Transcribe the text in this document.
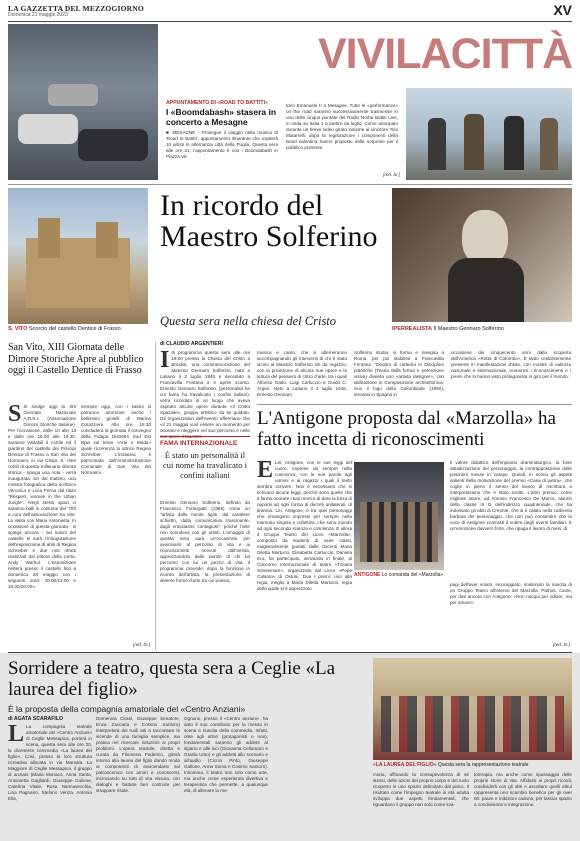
LA GAZZETTA DEL MEZZOGIORNO
Domenica 21 maggio 2023	XV
VIVILACITTÀ
APPUNTAMENTO DI «ROAD TO BATTITI»
I «Boomdabash» stasera in concerto a Mesagne
■ MESAGNE - Prosegue il viaggio nella musica di 'Road to Battiti', appuntamento itinerante che ospiterà 10 artisti in alternanza città della Puglia. Questa sera alle ore 21, l'appuntamento è con i Boomdabash in Piazza Vit-
torio Emanuele II a Mesagne. Tutte le «performance» on the road saranno successivamente trasmesse in una delle cinque puntate del Radio Norba Battiti Live, in onda su Italia 1 a partire da luglio. Come anticipato durante un breve video girato insieme al vincitore Toni Matarrelli, dopo la registrazione i componenti della Band salentina hanno proposto delle sorprese per il pubblico presente.
[red. br.]
S. VITO Scorcio del castello Dentice di Frasso
In ricordo del Maestro Solferino
Questa sera nella chiesa del Cristo
IPERREALISTA Il Maestro Gennaro Solferino
San Vito, XIII Giornata delle Dimore Storiche Apre al pubblico oggi il Castello Dentice di Frasso
S Si svolge oggi la XIII Giornata Nazionale A.D.S.I. (Associazione Dimore Storiche Italiane). Per l'occasione, dalle 10 alle 13 e dalle ore 15.00 alle 18.30, saranno visitabili il cortile ed il giardino del castello dei Principi Dentice di Frasso a San Vito dei Normanni, in via Crispi, 6. «Nei cortili di questa millenaria dimora storica - spiega una nota - verrà inaugurata, sin dal mattino, una mostra fotografica della scrittrice Veronica e Livia Ferria dal titolo "Respect, women in the Urban Jungle". Negli stessi spazi ci saranno balli in costume del '700 a cura dell'associazione Sa rete. La visita con Maria Antonietta. In occasione di questa giornata - si spiega ancora - nei saloni del castello si sarà l'inaugurazione dell'esposizione di abiti di Regina Schreiber e due noti ritratti realizzati dal pittore della porta, Andy Warhol. L'esposizione resterà presso il castello fino a domenica 28 maggio con i seguenti orari: 10.00/13.00 e 16.30/20.00».
Sempre oggi, con i saloni si potranno ammirare anche i bellissimi gioielli di Marina Corazziere. Alle ore 18.30 concluderà la giornata il convegno della Fidapa Distretto Sud Est Bpw sul tema «Arte e Moda» quale ricorrenza la attrice Regina Schreiber. L'iniziativa è patrocinata dall'Amministrazione Comunale di San Vito dei Normanni.
[red. br.]
di CLAUDIO ARGENTIERI
I In programma questa sera alle ore 19.00 presso la Chiesa del Cristo a Brindisi, una commemorazione del Maestro Gennaro Solferino, nato a Latiano il 3 luglio 1946 e deceduto a Francavilla Fontana il 4 aprile scorso. Ernesto Gennaro Solferino, (personalità ha cui fama ha travalicato i confini italiani), verrà ricordato in un luogo che aveva ospitato alcune opere durante «Il Cristo Spaziale», gruppo artistico da lui guidato. Gli organizzatori dell'evento affermano che «il 21 maggio vuol essere un momento per onorare e rileggere nel suo percorso e nelle sue opere il Maestro
FAMA INTERNAZIONALE
È stato un personalità il cui nome ha travalicato i confini italiani
Ernesto Gennaro Solferino, definito da Francesco Forlargatti (1969) come un "artista dalla mente agile, dal carattere schietto, dalla comunicativa trascinante, dagli entusiasmi contagiosi", poiché l'arte non scendeva con gli artisti. L'omaggio di questa sera sarà un'occasione per avvicinarsi al percorso di vita e ai riconoscimenti ricevuti dall'artista, apprezzandolo dalle parole di chi ha percorso con lui un pezzo di vita. Il programma prevede, dopo la funzione in ricordo dell'artista, la presentazione di diverse forme d'arte tra cui poesia,
musica e canto, che si alterneranno accompagnando gli interventi di chi è stato vicino al Maestro Solferino sin da ragazzo, con la proiezione di alcune sue opere e la lettura del pensiero di critici d'arte, tra i quali Alfonso Gatto, Luigi Carluccio e Guido C. Argan. Nato a Latiano il 3 luglio 1946, Ernesto Gennaro
Solferino studia, si forma e insegna a Roma, per poi stabilirsi a Francavilla Fontana. "Dedaro di cattedra in Discipline pittoriche (Teoria della forma e percezione visiva) diventa uno «artista designer», con abilitazione in Composizione architettonica. Suo il logo della Colombiade (1992), tenutasi in Spagna in
occasione dei cinquecento anni dalla scoperta dell'America «Rotta di Colombo». È stato costantemente presente in manifestazioni d'arte, con mostre di valenza nazionale e internazionale, numerosi i riconoscimenti e i premi che lo hanno visto protagonista in giro per il mondo.
L'Antigone proposta dal «Marzolla» ha fatto incetta di riconoscimenti
E Lei, Antigone, con le sue leggi del cuore, imprese da sempre nella coscienza, con le sue parole agli uomini e ai ragazzi i quali il testo sembra scrivere. Non è necessario che si scrivano alcune leggi, perché sono quelle che ti fanno onorare i tuoi morti e di dare la forza di opporsi ad ogni forma di decreti unilaterali, di tirannia. Lei, Antigone, è tra quei personaggi che rimangono impressi per sempre nella memoria singola e collettiva, che sono mondo ad ogni secondo scienza e coscienza. E allora il Gruppo Teatro del Liceo «Marzolla», composto da studenti di varie classi, magistralmente guidati dalle docenti Maria Diletta Martucci, Elisabetta Carluccio, Daniela Ero, ha partecipato, arrivando in finale, al Concorso Internazionale di teatro «Tiziana Sensemare», organizzato dal Liceo «Pepe Calamo» di Ostuni. Due i premi: uno alla regia, meglio a Maria Diletta Martucci, regia della quale si è apprezzato
ANTIGONE Lo comanda del «Marzolla»
il valore didattico dell'impianto drammaturgico, la forte attualizzazione del personaggio, la contrapposizione delle posizioni messe in campo. Quindi, in scena gli aspetti salienti della motivazione del premio «Casa di pietra», che coglie in pieno il senso del lavoro di riscrittura e interpretazione che è stato svolto. L'altro premio, come migliore attore, ad Antonio Francesco De Marco, alunno della classe III D dell'indirizzo quadriennale, che ha indossato gli abiti di Creonte, che si è calato nella cattiveria barbara del personaggio, che non può consentire che la voce di Antigone contrasti il volere degli eventi familiari. E un'emozione davvero forte, che ripaga il lavoro di mesi, di
pagi dell'aver voluto, incoraggiato, sostenuto la nascita di un Gruppo Teatro all'interno del Marzolla. Pathos, cuore, per dire ancora con Antigone: «Non nacqui per odiare, ma per amare».
[red. br.]
Sorridere a teatro, questa sera a Ceglie «La laurea del figlio»
È la proposta della compagnia amatoriale del «Centro Anziani»
di AGATA SCARAFILO
L La compagnia teatrale amatoriale del «Centro Anziani» di Ceglie Messapica, porterà in scena, questa sera alle ore 20, la divertente commedia «La laurea del figlio». Così, presso la loro struttura ricreativa allocata in via Marsala. La Maggiore di Ceglie Messapica, il gruppo di anziani (Maria Monaco, Anna Santa, Antonietta Gagliardi, Giuseppe Galione, Caterina Vitale, Rosa Nannavecchia, Lina Pagnano, Stefano Venza, Antonio Elia,
Domenica Cirasì, Giuseppe Senatore, Enza Zaccaria e Cosimo Santoro) interpreterà dei ruoli atti a raccontare le vicende di una famiglia semplice, ma pratica nel ricercare soluzioni ai propri problemi. L'opera teatrale, diretta e curata da Filomena Federico, girerà intorno alla laurea del figlio dando modo ai componenti di avvicendarsi sul palcoscenico con amori e conoscenti, incrociando su tutti di vita vissuta, con dialoghi e battute ben costruite per strappare risate.
Ognuno, presso il «Centro anziani», ha dato il suo contributo per la messa in scena e riuscita della commedia. Infatti, oltre agli attori (protagonisti e non), fondamentali saranno gli addetti al sipario e alle luci (Giovanna Cellamaro e Grazia Urso) e gli addetti allo scenario e all'audio (Ciccio Pinto, Giuseppe Gallone, Anna Suma e Cosimo Santoro). Insomma, il teatro non solo come arte, ma anche come esperienza divertiva e terapeutica che permette, a qualunque età, di allenare la me-
moria, affinando la consapevolezza di sé stessi, delle azioni del proprio corpo e del ruolo ricoperto in uno spazio delimitato dal palco. Il risultato come l'impegno teatrale in età adulta sviluppa due aspetti fondamentali, che riguardano il gruppo non solo come sva-
toterapia, ma anche come ripassaggio delle proprie storie di vita. Affidarsi ai propri ricordi, condividerli con gli altri e ascoltare quelli altrui rappresenta uno scambio benefico per gli over 60: paure e inibizioni cadono, per lasciar spazio a condivisione e integrazione.
«LA LAUREA DEL FIGLIO» Questa sera la rappresentazione teatrale
